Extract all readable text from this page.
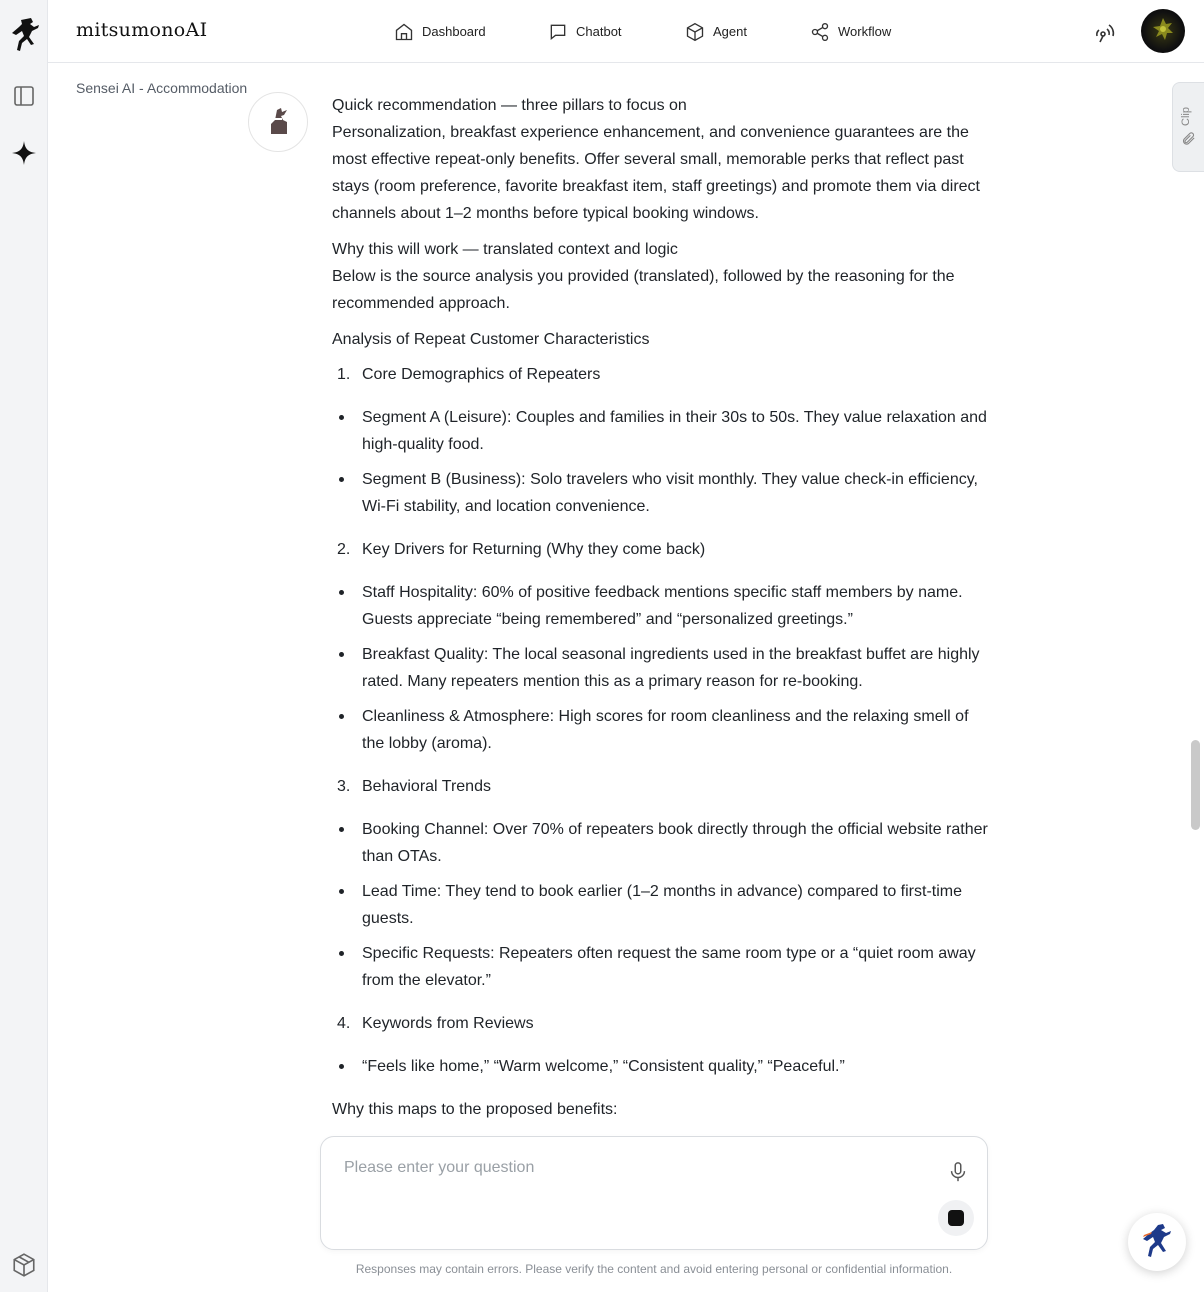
mitsumonoAI	Dashboard	Chatbot	Agent	Workflow
Sensei AI - Accommodation
Clip

Quick recommendation — three pillars to focus on

Personalization, breakfast experience enhancement, and convenience guarantees are the most effective repeat-only benefits. Offer several small, memorable perks that reflect past stays (room preference, favorite breakfast item, staff greetings) and promote them via direct channels about 1–2 months before typical booking windows.

Why this will work — translated context and logic

Below is the source analysis you provided (translated), followed by the reasoning for the recommended approach.

Analysis of Repeat Customer Characteristics

1. Core Demographics of Repeaters
Segment A (Leisure): Couples and families in their 30s to 50s. They value relaxation and high-quality food.
Segment B (Business): Solo travelers who visit monthly. They value check-in efficiency, Wi-Fi stability, and location convenience.
2. Key Drivers for Returning (Why they come back)
Staff Hospitality: 60% of positive feedback mentions specific staff members by name. Guests appreciate “being remembered” and “personalized greetings.”
Breakfast Quality: The local seasonal ingredients used in the breakfast buffet are highly rated. Many repeaters mention this as a primary reason for re-booking.
Cleanliness & Atmosphere: High scores for room cleanliness and the relaxing smell of the lobby (aroma).
3. Behavioral Trends
Booking Channel: Over 70% of repeaters book directly through the official website rather than OTAs.
Lead Time: They tend to book earlier (1–2 months in advance) compared to first-time guests.
Specific Requests: Repeaters often request the same room type or a “quiet room away from the elevator.”
4. Keywords from Reviews
“Feels like home,” “Warm welcome,” “Consistent quality,” “Peaceful.”

Why this maps to the proposed benefits:

Please enter your question
Responses may contain errors. Please verify the content and avoid entering personal or confidential information.
